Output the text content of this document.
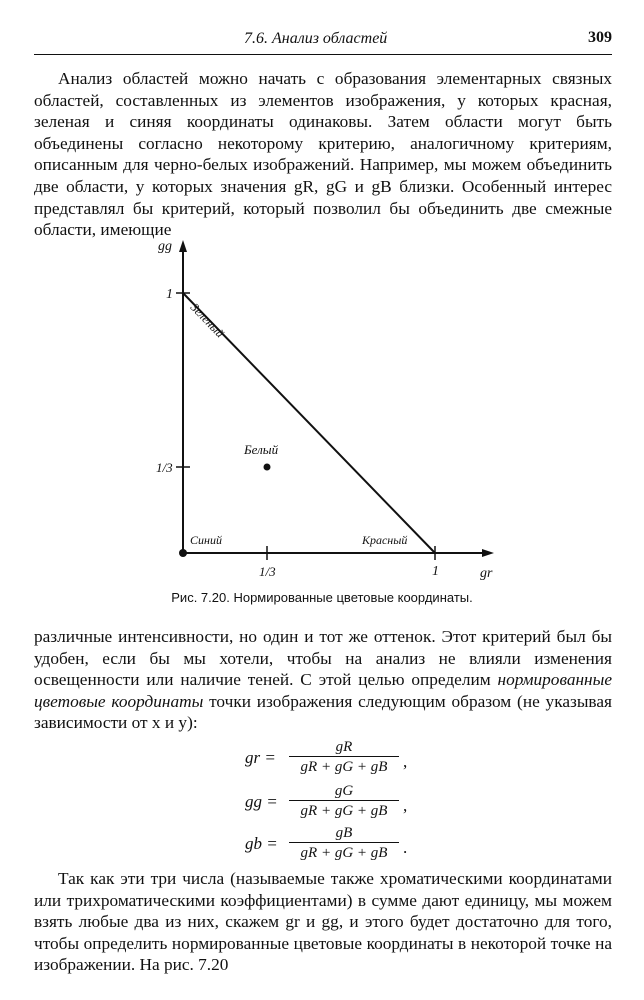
7.6. Анализ областей	309

Анализ областей можно начать с образования элементарных связных областей, составленных из элементов изображения, у которых красная, зеленая и синяя координаты одинаковы. Затем области могут быть объединены согласно некоторому критерию, аналогичному критериям, описанным для черно-белых изображений. Например, мы можем объединить две области, у которых значения gR, gG и gB близки. Особенный интерес представлял бы критерий, который позволил бы объединить две смежные области, имеющие

gg
1
1/3
1/3	1	gr
Белый
Синий	Красный
Зеленый
Рис. 7.20. Нормированные цветовые координаты.

различные интенсивности, но один и тот же оттенок. Этот критерий был бы удобен, если бы мы хотели, чтобы на анализ не влияли изменения освещенности или наличие теней. С этой целью определим нормированные цветовые координаты точки изображения следующим образом (не указывая зависимости от x и y):

gr =
gR
gR + gG + gB ,
gg =
gG
gR + gG + gB ,
gb =
gB
gR + gG + gB .

Так как эти три числа (называемые также хроматическими координатами или трихроматическими коэффициентами) в сумме дают единицу, мы можем взять любые два из них, скажем gr и gg, и этого будет достаточно для того, чтобы определить нормированные цветовые координаты в некоторой точке на изображении. На рис. 7.20
